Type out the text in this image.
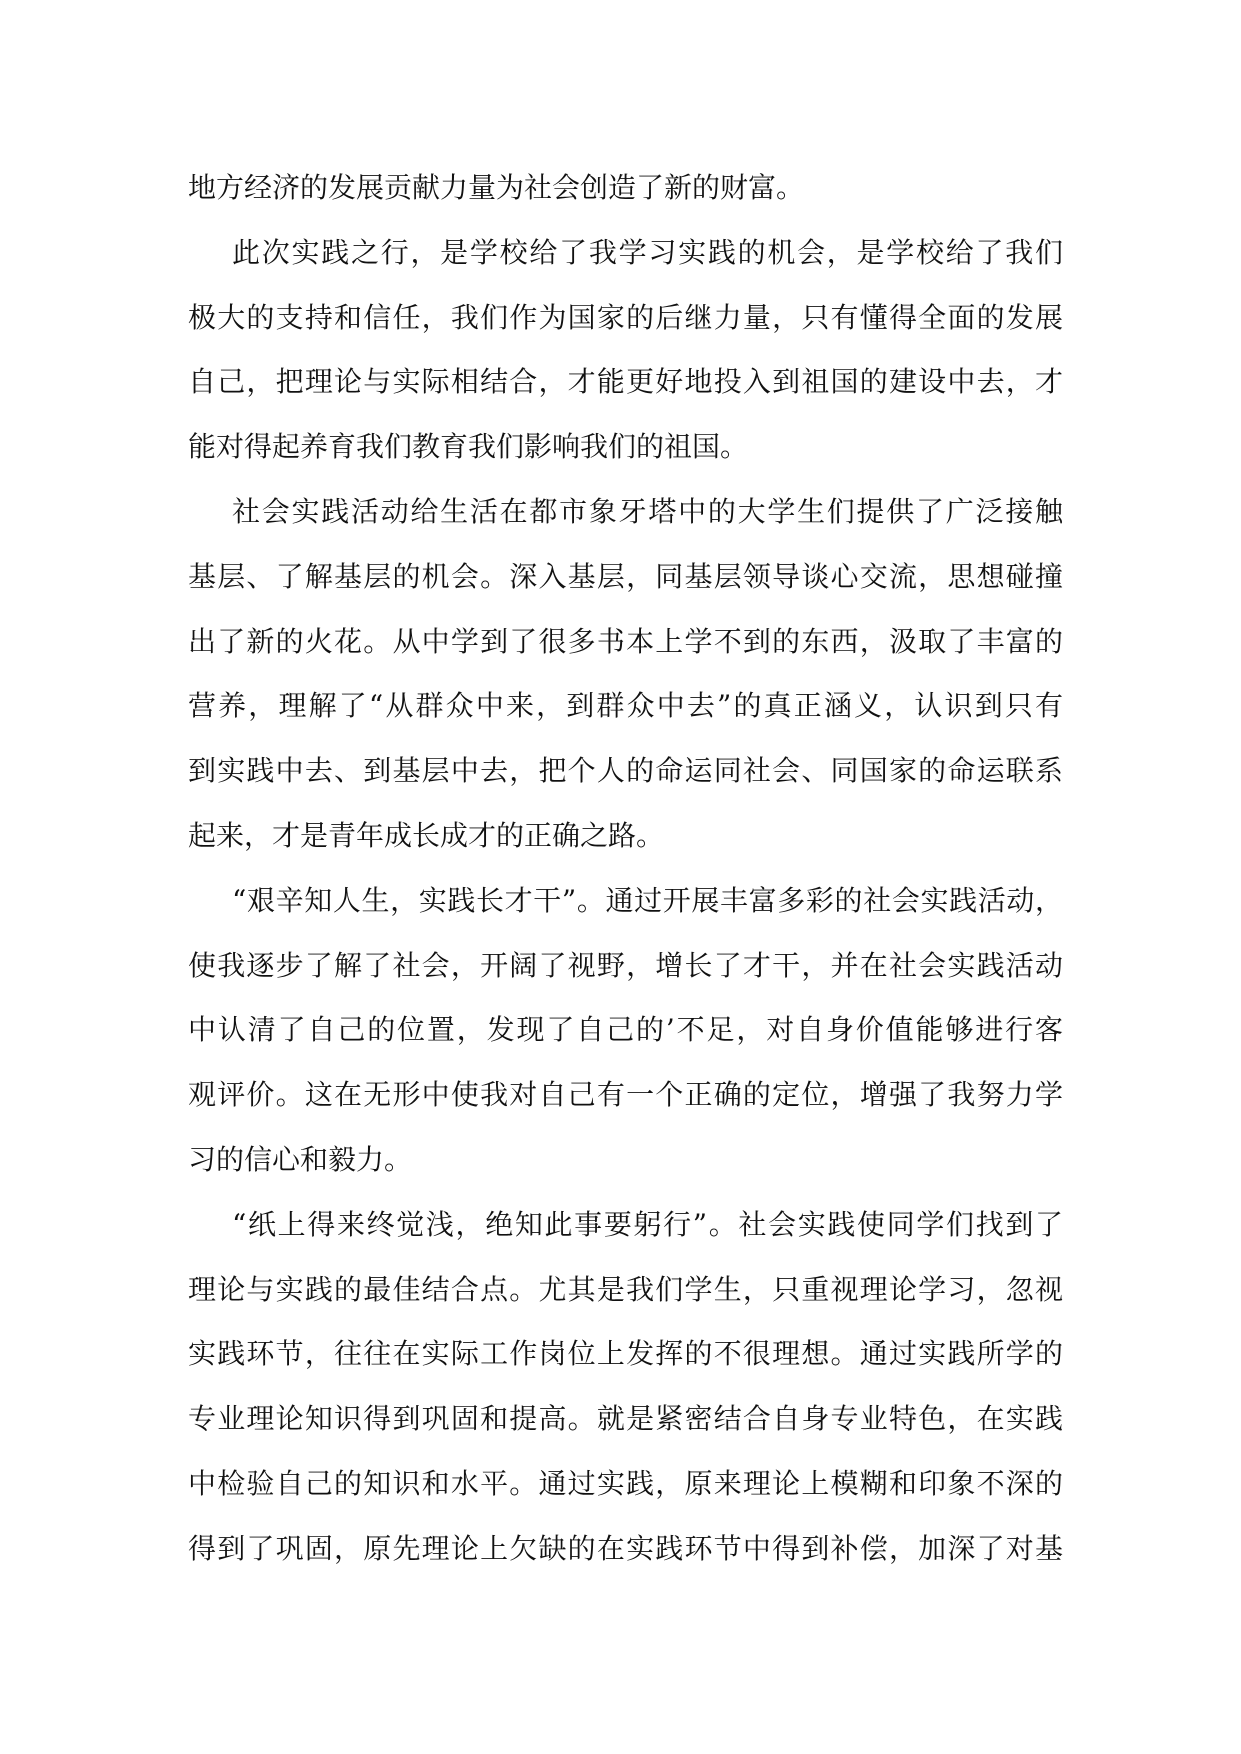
地方经济的发展贡献力量为社会创造了新的财富。
此次实践之行，是学校给了我学习实践的机会，是学校给了我们
极大的支持和信任，我们作为国家的后继力量，只有懂得全面的发展
自己，把理论与实际相结合，才能更好地投入到祖国的建设中去，才
能对得起养育我们教育我们影响我们的祖国。
社会实践活动给生活在都市象牙塔中的大学生们提供了广泛接触
基层、了解基层的机会。深入基层，同基层领导谈心交流，思想碰撞
出了新的火花。从中学到了很多书本上学不到的东西，汲取了丰富的
营养，理解了“从群众中来，到群众中去”的真正涵义，认识到只有
到实践中去、到基层中去，把个人的命运同社会、同国家的命运联系
起来，才是青年成长成才的正确之路。
“艰辛知人生，实践长才干”。通过开展丰富多彩的社会实践活动，
使我逐步了解了社会，开阔了视野，增长了才干，并在社会实践活动
中认清了自己的位置，发现了自己的’不足，对自身价值能够进行客
观评价。这在无形中使我对自己有一个正确的定位，增强了我努力学
习的信心和毅力。
“纸上得来终觉浅，绝知此事要躬行”。社会实践使同学们找到了
理论与实践的最佳结合点。尤其是我们学生，只重视理论学习，忽视
实践环节，往往在实际工作岗位上发挥的不很理想。通过实践所学的
专业理论知识得到巩固和提高。就是紧密结合自身专业特色，在实践
中检验自己的知识和水平。通过实践，原来理论上模糊和印象不深的
得到了巩固，原先理论上欠缺的在实践环节中得到补偿，加深了对基
